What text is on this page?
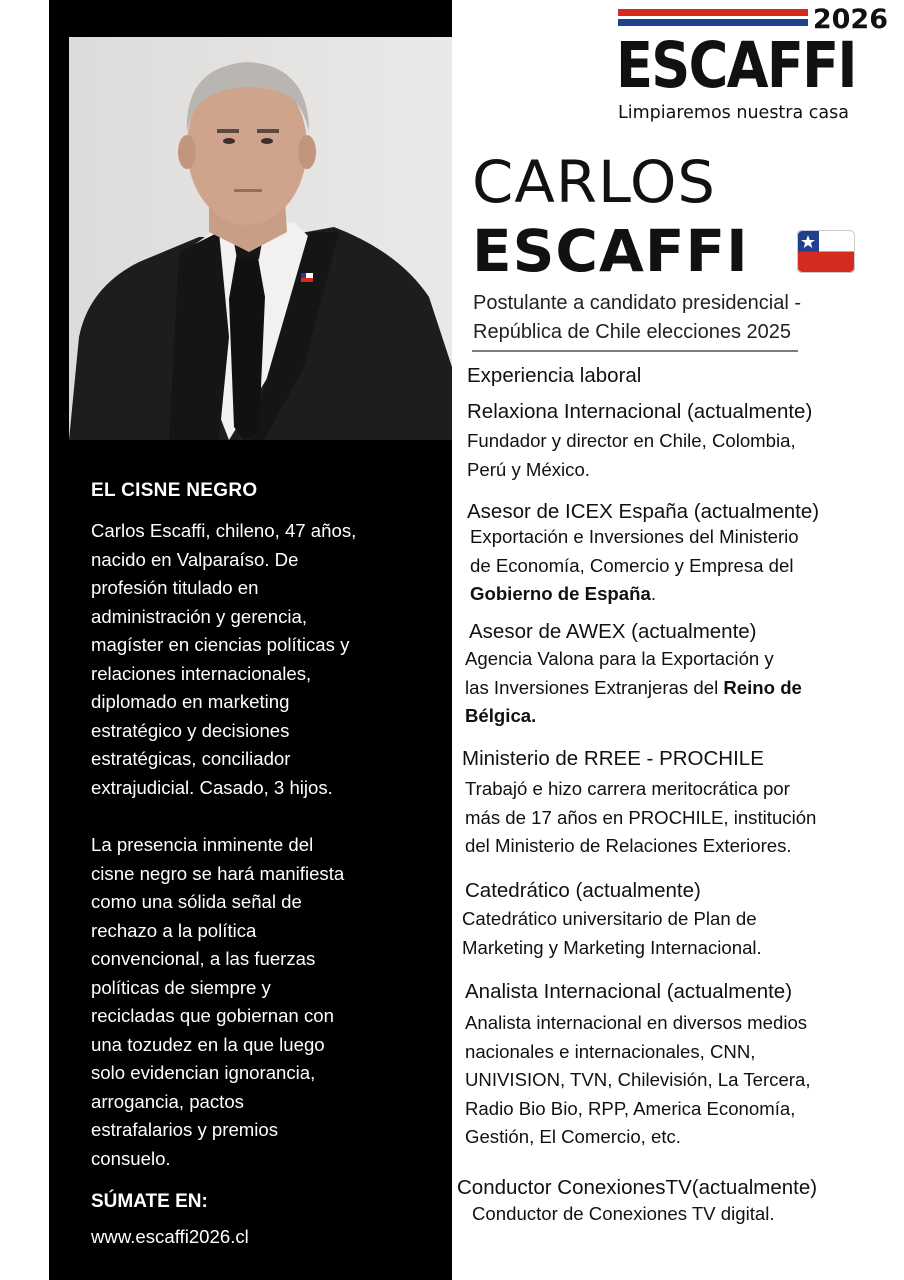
EL CISNE NEGRO
Carlos Escaffi, chileno, 47 años,
nacido en Valparaíso. De
profesión titulado en
administración y gerencia,
magíster en ciencias políticas y
relaciones internacionales,
diplomado en marketing
estratégico y decisiones
estratégicas, conciliador
extrajudicial. Casado, 3 hijos.
La presencia inminente del
cisne negro se hará manifiesta
como una sólida señal de
rechazo a la política
convencional, a las fuerzas
políticas de siempre y
recicladas que gobiernan con
una tozudez en la que luego
solo evidencian ignorancia,
arrogancia, pactos
estrafalarios y premios
consuelo.
SÚMATE EN:
www.escaffi2026.cl
2026
ESCAFFI
Limpiaremos nuestra casa
CARLOS
ESCAFFI
Postulante a candidato presidencial -
República de Chile elecciones 2025
Experiencia laboral
Relaxiona Internacional (actualmente)
Fundador y director en Chile, Colombia,
Perú y México.
Asesor de ICEX España (actualmente)
Exportación e Inversiones del Ministerio
de Economía, Comercio y Empresa del
Gobierno de España.
Asesor de AWEX (actualmente)
Agencia Valona para la Exportación y
las Inversiones Extranjeras del Reino de
Bélgica.
Ministerio de RREE - PROCHILE
Trabajó e hizo carrera meritocrática por
más de 17 años en PROCHILE, institución
del Ministerio de Relaciones Exteriores.
Catedrático (actualmente)
Catedrático universitario de Plan de
Marketing y Marketing Internacional.
Analista Internacional (actualmente)
Analista internacional en diversos medios
nacionales e internacionales, CNN,
UNIVISION, TVN, Chilevisión, La Tercera,
Radio Bio Bio, RPP, America Economía,
Gestión, El Comercio, etc.
Conductor ConexionesTV(actualmente)
Conductor de Conexiones TV digital.
